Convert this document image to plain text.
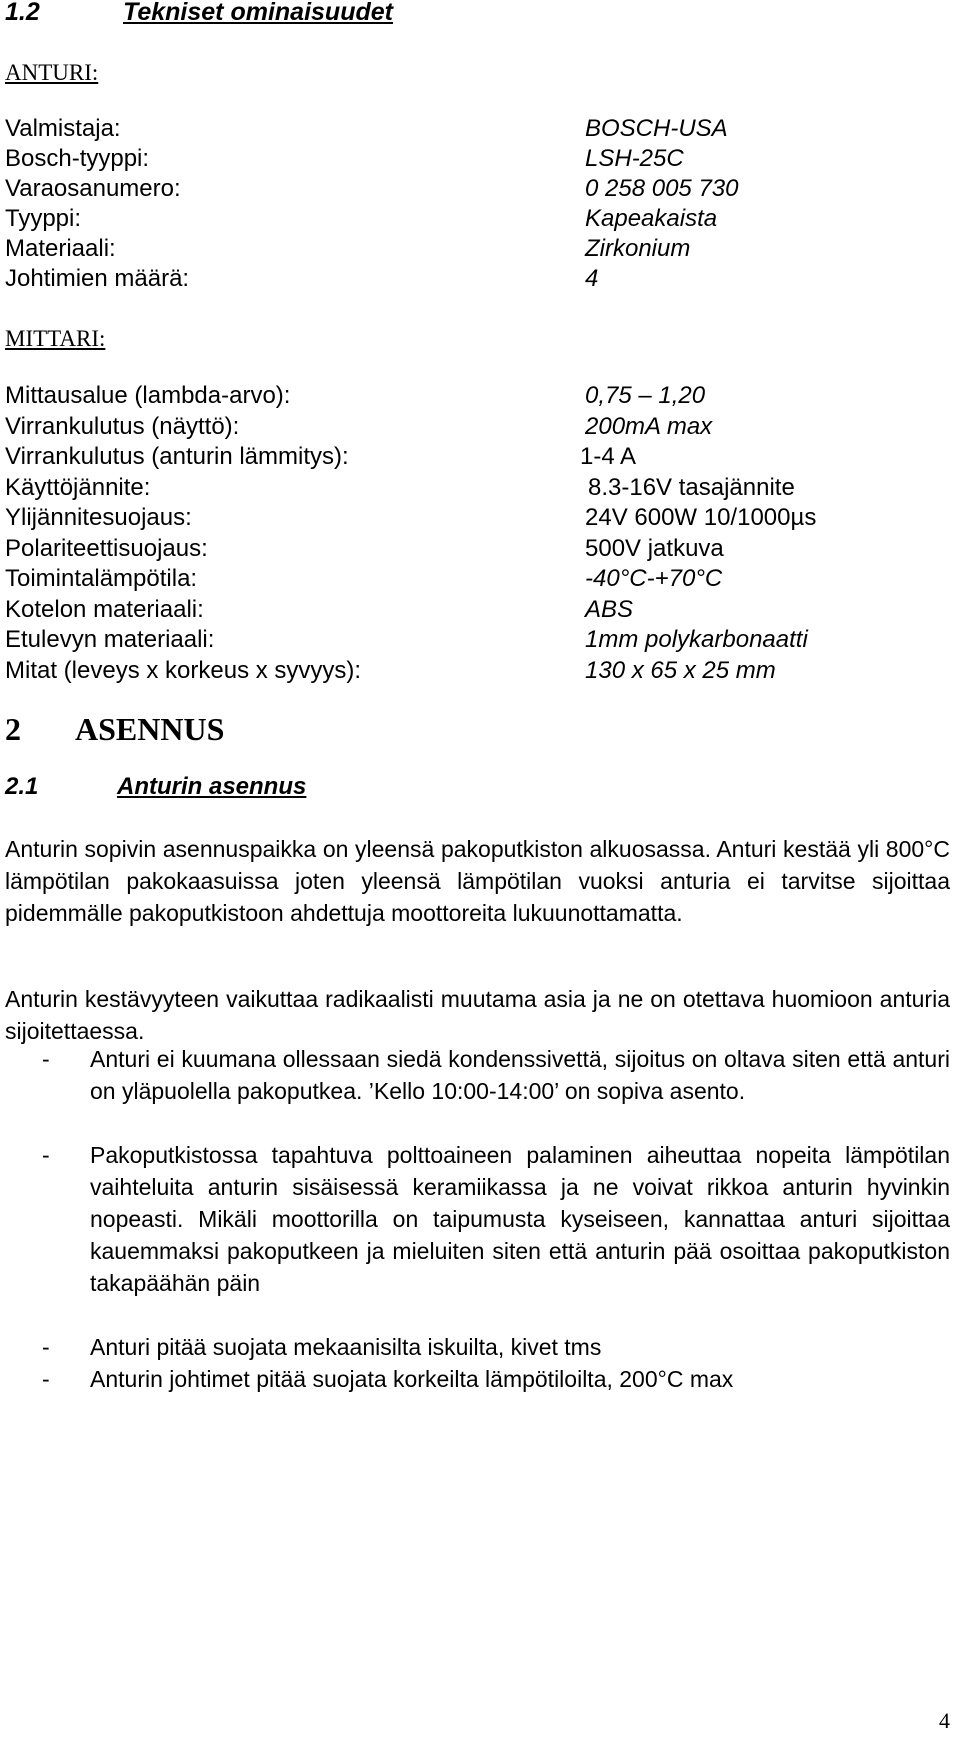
1.2	Tekniset ominaisuudet
ANTURI:
Valmistaja:	BOSCH-USA
Bosch-tyyppi:	LSH-25C
Varaosanumero:	0 258 005 730
Tyyppi:	Kapeakaista
Materiaali:	Zirkonium
Johtimien määrä:	4
MITTARI:
Mittausalue (lambda-arvo):	0,75 – 1,20
Virrankulutus (näyttö):	200mA max
Virrankulutus (anturin lämmitys):	1-4 A
Käyttöjännite:	8.3-16V tasajännite
Ylijännitesuojaus:	24V 600W 10/1000µs
Polariteettisuojaus:	500V jatkuva
Toimintalämpötila:	-40°C-+70°C
Kotelon materiaali:	ABS
Etulevyn materiaali:	1mm polykarbonaatti
Mitat (leveys x korkeus x syvyys):	130 x 65 x 25 mm
2 ASENNUS
2.1	Anturin asennus
Anturin sopivin asennuspaikka on yleensä pakoputkiston alkuosassa. Anturi kestää yli 800°C lämpötilan pakokaasuissa joten yleensä lämpötilan vuoksi anturia ei tarvitse sijoittaa pidemmälle pakoputkistoon ahdettuja moottoreita lukuunottamatta.
Anturin kestävyyteen vaikuttaa radikaalisti muutama asia ja ne on otettava huomioon anturia sijoitettaessa.
- Anturi ei kuumana ollessaan siedä kondenssivettä, sijoitus on oltava siten että anturi on yläpuolella pakoputkea. ’Kello 10:00-14:00’ on sopiva asento.
- Pakoputkistossa tapahtuva polttoaineen palaminen aiheuttaa nopeita lämpötilan vaihteluita anturin sisäisessä keramiikassa ja ne voivat rikkoa anturin hyvinkin nopeasti. Mikäli moottorilla on taipumusta kyseiseen, kannattaa anturi sijoittaa kauemmaksi pakoputkeen ja mieluiten siten että anturin pää osoittaa pakoputkiston takapäähän päin
- Anturi pitää suojata mekaanisilta iskuilta, kivet tms
- Anturin johtimet pitää suojata korkeilta lämpötiloilta, 200°C max
4
